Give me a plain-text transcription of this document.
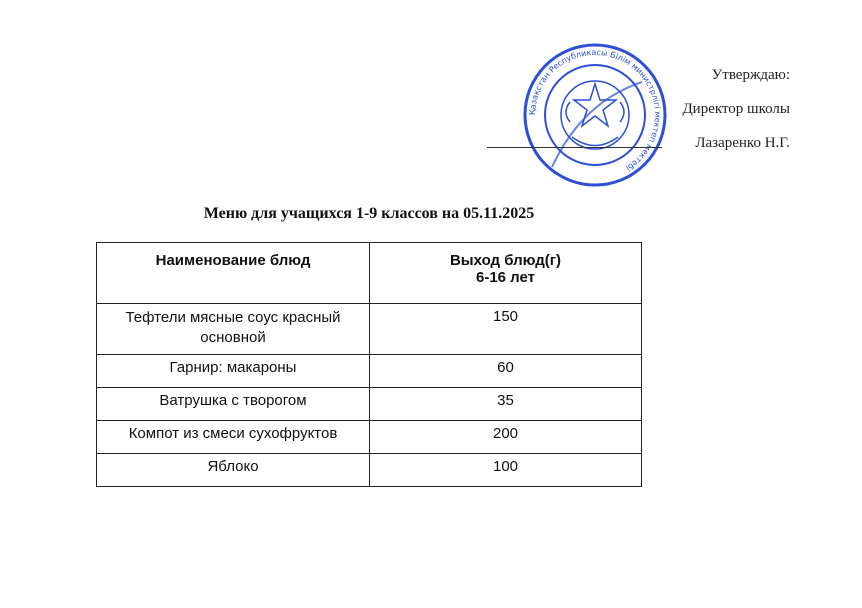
Қазақстан Республикасы Білім министрлігі мектеп ектебі
Утверждаю:
Директор школы
Лазаренко Н.Г.
Меню для учащихся 1-9 классов на 05.11.2025
Наименование блюд	Выход блюд(г)
6-16 лет

Тефтели мясные соус красный основной	150
Гарнир: макароны	60
Ватрушка с творогом	35
Компот из смеси сухофруктов	200
Яблоко	100
